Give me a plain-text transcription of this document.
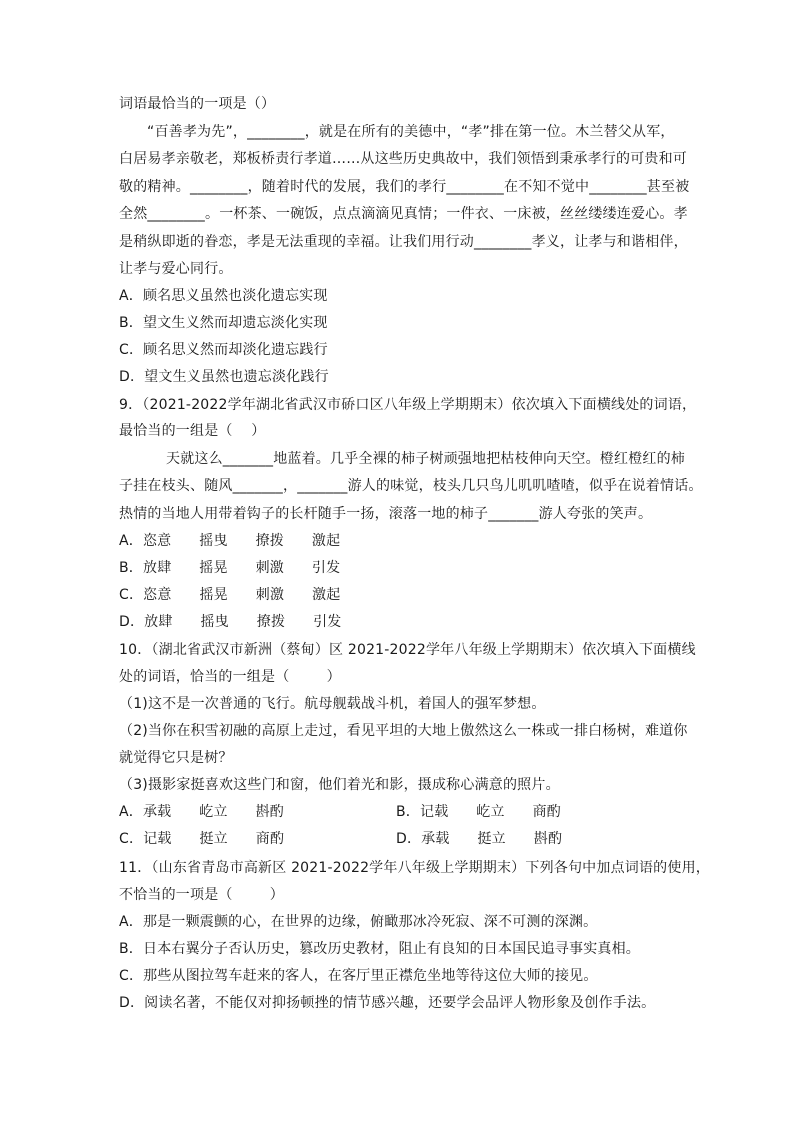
词语最恰当的一项是（）
“百善孝为先”，________，就是在所有的美德中，“孝”排在第一位。木兰替父从军，
白居易孝亲敬老，郑板桥责行孝道……从这些历史典故中，我们领悟到秉承孝行的可贵和可
敬的精神。________，随着时代的发展，我们的孝行________在不知不觉中________甚至被
全然________。一杯茶、一碗饭，点点滴滴见真情；一件衣、一床被，丝丝缕缕连爱心。孝
是稍纵即逝的眷恋，孝是无法重现的幸福。让我们用行动________孝义，让孝与和谐相伴，
让孝与爱心同行。
A．顾名思义虽然也淡化遗忘实现
B．望文生义然而却遗忘淡化实现
C．顾名思义然而却淡化遗忘践行
D．望文生义虽然也遗忘淡化践行
9．（2021-2022学年湖北省武汉市硚口区八年级上学期期末）依次填入下面横线处的词语，
最恰当的一组是（    ）
天就这么_______地蓝着。几乎全裸的柿子树顽强地把枯枝伸向天空。橙红橙红的柿
子挂在枝头、随风_______，_______游人的味觉，枝头几只鸟儿叽叽喳喳，似乎在说着情话。
热情的当地人用带着钩子的长杆随手一扬，滚落一地的柿子_______游人夸张的笑声。
A．恣意      摇曳      撩拨      激起
B．放肆      摇晃      刺激      引发
C．恣意      摇晃      刺激      激起
D．放肆      摇曳      撩拨      引发
10．（湖北省武汉市新洲（蔡甸）区 2021-2022学年八年级上学期期末）依次填入下面横线
处的词语，恰当的一组是（        ）
（1)这不是一次普通的飞行。航母舰载战斗机，着国人的强军梦想。
（2)当你在积雪初融的高原上走过，看见平坦的大地上傲然这么一株或一排白杨树，难道你
就觉得它只是树？
（3)摄影家挺喜欢这些门和窗，他们着光和影，摄成称心满意的照片。
A．承载      屹立      斟酌	B．记载      屹立      商酌
C．记载      挺立      商酌	D．承载      挺立      斟酌
11．（山东省青岛市高新区 2021-2022学年八年级上学期期末）下列各句中加点词语的使用，
不恰当的一项是（        ）
A．那是一颗震颤的心，在世界的边缘，俯瞰那冰冷死寂、深不可测的深渊。
B．日本右翼分子否认历史，篡改历史教材，阻止有良知的日本国民追寻事实真相。
C．那些从图拉驾车赶来的客人，在客厅里正襟危坐地等待这位大师的接见。
D．阅读名著，不能仅对抑扬顿挫的情节感兴趣，还要学会品评人物形象及创作手法。
